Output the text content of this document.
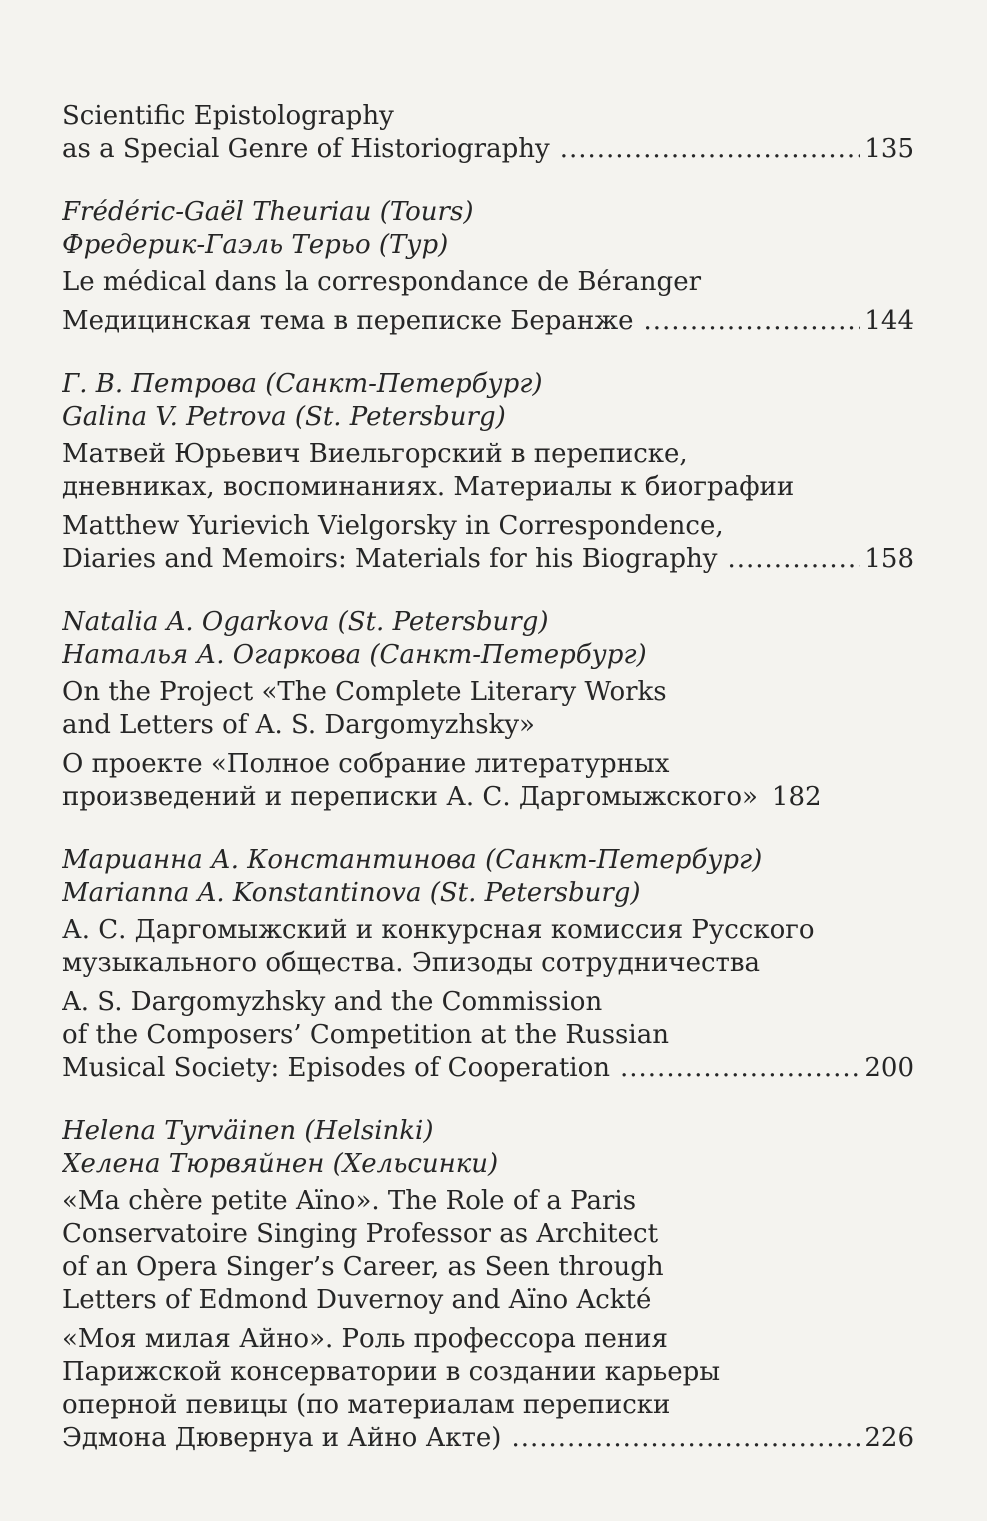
Scientific Epistolography
as a Special Genre of Historiography .....	135
Frédéric-Gaël Theuriau (Tours)
Фредерик-Гаэль Терьо (Тур)
Le médical dans la correspondance de Béranger
Медицинская тема в переписке Беранже .....	144
Г. В. Петрова (Санкт-Петербург)
Galina V. Petrova (St. Petersburg)
Матвей Юрьевич Виельгорский в переписке,
дневниках, воспоминаниях. Материалы к биографии
Matthew Yurievich Vielgorsky in Correspondence,
Diaries and Memoirs: Materials for his Biography .....	158
Natalia A. Ogarkova (St. Petersburg)
Наталья А. Огаркова (Санкт-Петербург)
On the Project «The Complete Literary Works
and Letters of A. S. Dargomyzhsky»
О проекте «Полное собрание литературных
произведений и переписки А. С. Даргомыжского» 182
Марианна А. Константинова (Санкт-Петербург)
Marianna A. Konstantinova (St. Petersburg)
А. С. Даргомыжский и конкурсная комиссия Русского
музыкального общества. Эпизоды сотрудничества
A. S. Dargomyzhsky and the Commission
of the Composers’ Competition at the Russian
Musical Society: Episodes of Cooperation .....	200
Helena Tyrväinen (Helsinki)
Хелена Тюрвяйнен (Хельсинки)
«Ma chère petite Aïno». The Role of a Paris
Conservatoire Singing Professor as Architect
of an Opera Singer’s Career, as Seen through
Letters of Edmond Duvernoy and Aïno Ackté
«Моя милая Айно». Роль профессора пения
Парижской консерватории в создании карьеры
оперной певицы (по материалам переписки
Эдмона Дювернуа и Айно Акте) .....	226
